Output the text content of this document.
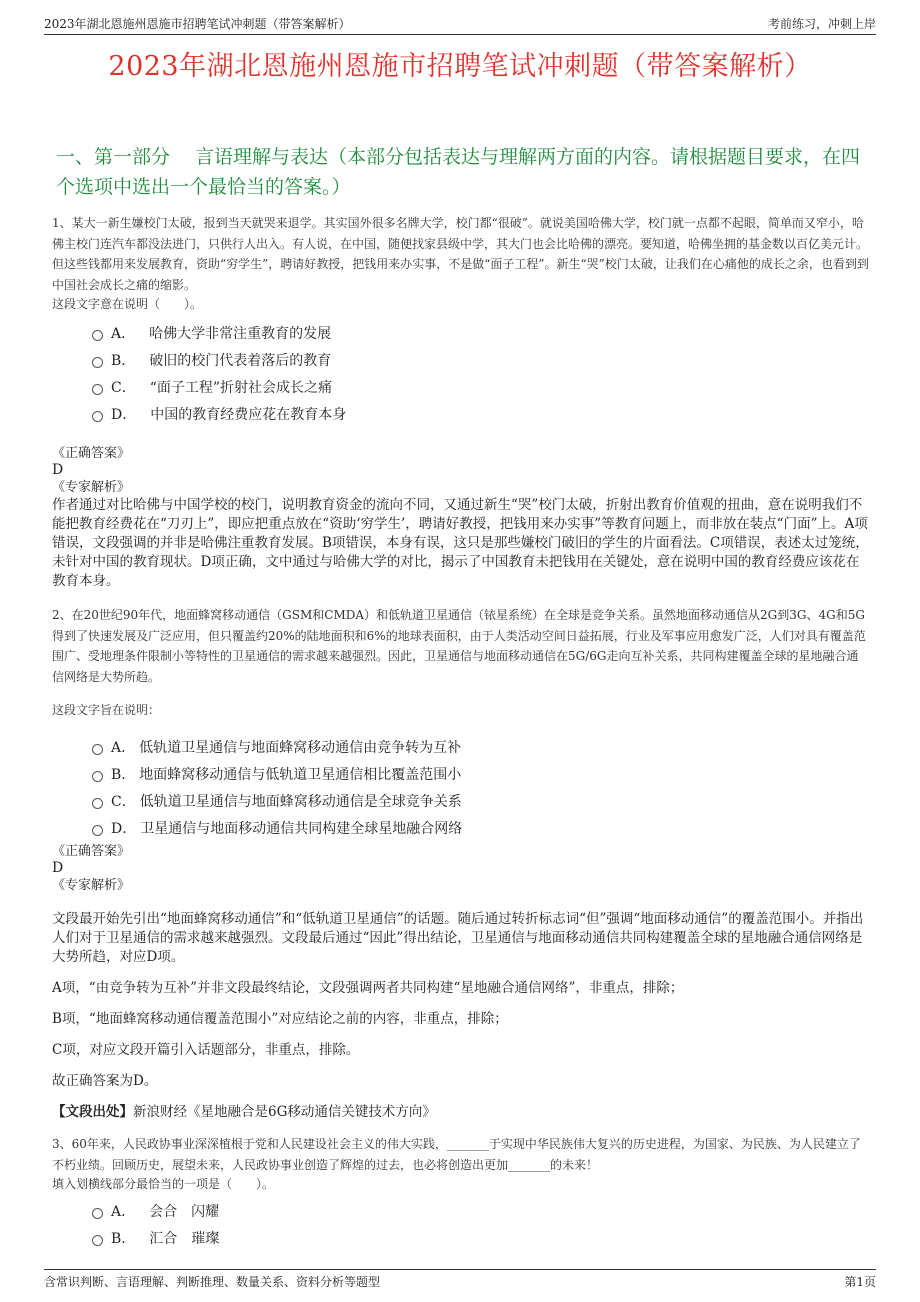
2023年湖北恩施州恩施市招聘笔试冲刺题（带答案解析）	考前练习，冲刺上岸
2023年湖北恩施州恩施市招聘笔试冲刺题（带答案解析）
一、第一部分　 言语理解与表达（本部分包括表达与理解两方面的内容。请根据题目要求，在四个选项中选出一个最恰当的答案。）

1、某大一新生嫌校门太破，报到当天就哭来退学。其实国外很多名牌大学，校门都“很破”。就说美国哈佛大学，校门就一点都不起眼，简单而又窄小，哈佛主校门连汽车都没法进门，只供行人出入。有人说，在中国，随便找家县级中学，其大门也会比哈佛的漂亮。要知道，哈佛坐拥的基金数以百亿美元计。但这些钱都用来发展教育，资助“穷学生”，聘请好教授，把钱用来办实事，不是做“面子工程”。新生“哭”校门太破，让我们在心痛他的成长之余，也看到到中国社会成长之痛的缩影。

这段文字意在说明（　　）。

A． 哈佛大学非常注重教育的发展
B． 破旧的校门代表着落后的教育
C． “面子工程”折射社会成长之痛
D． 中国的教育经费应花在教育本身

《正确答案》

D

《专家解析》

作者通过对比哈佛与中国学校的校门，说明教育资金的流向不同，又通过新生“哭”校门太破，折射出教育价值观的扭曲，意在说明我们不能把教育经费花在“刀刃上”，即应把重点放在“资助‘穷学生’，聘请好教授，把钱用来办实事”等教育问题上，而非放在装点“门面”上。A项错误，文段强调的并非是哈佛注重教育发展。B项错误，本身有误，这只是那些嫌校门破旧的学生的片面看法。C项错误，表述太过笼统，未针对中国的教育现状。D项正确，文中通过与哈佛大学的对比，揭示了中国教育未把钱用在关键处，意在说明中国的教育经费应该花在教育本身。

2、在20世纪90年代，地面蜂窝移动通信（GSM和CMDA）和低轨道卫星通信（铱星系统）在全球是竞争关系。虽然地面移动通信从2G到3G、4G和5G得到了快速发展及广泛应用，但只覆盖约20%的陆地面积和6%的地球表面积，由于人类活动空间日益拓展，行业及军事应用愈发广泛，人们对具有覆盖范围广、受地理条件限制小等特性的卫星通信的需求越来越强烈。因此，卫星通信与地面移动通信在5G/6G走向互补关系，共同构建覆盖全球的星地融合通信网络是大势所趋。

这段文字旨在说明：

A． 低轨道卫星通信与地面蜂窝移动通信由竞争转为互补
B． 地面蜂窝移动通信与低轨道卫星通信相比覆盖范围小
C． 低轨道卫星通信与地面蜂窝移动通信是全球竞争关系
D． 卫星通信与地面移动通信共同构建全球星地融合网络

《正确答案》

D

《专家解析》

文段最开始先引出“地面蜂窝移动通信”和“低轨道卫星通信”的话题。随后通过转折标志词“但”强调“地面移动通信”的覆盖范围小。并指出人们对于卫星通信的需求越来越强烈。文段最后通过“因此”得出结论，卫星通信与地面移动通信共同构建覆盖全球的星地融合通信网络是大势所趋，对应D项。

A项，“由竞争转为互补”并非文段最终结论，文段强调两者共同构建“星地融合通信网络”，非重点，排除；

B项，“地面蜂窝移动通信覆盖范围小”对应结论之前的内容，非重点，排除；

C项，对应文段开篇引入话题部分，非重点，排除。

故正确答案为D。

【文段出处】新浪财经《星地融合是6G移动通信关键技术方向》

3、60年来，人民政协事业深深植根于党和人民建设社会主义的伟大实践，_______于实现中华民族伟大复兴的历史进程，为国家、为民族、为人民建立了不朽业绩。回顾历史，展望未来，人民政协事业创造了辉煌的过去，也必将创造出更加_______的未来！

填入划横线部分最恰当的一项是（　　）。

A． 会合　闪耀
B． 汇合　璀璨
含常识判断、言语理解、判断推理、数量关系、资料分析等题型	第1页
